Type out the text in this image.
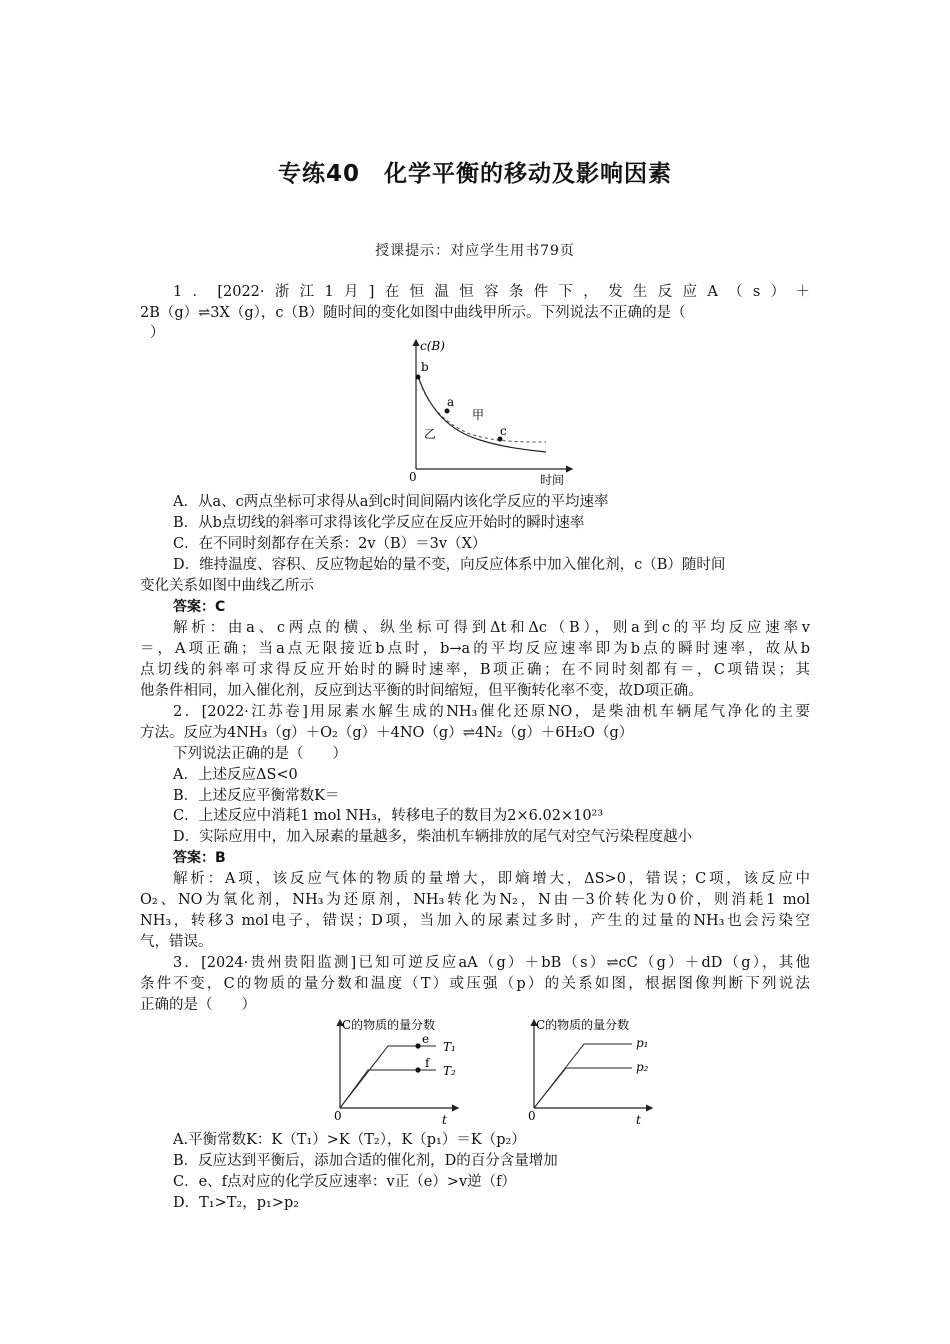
专练40　化学平衡的移动及影响因素
授课提示：对应学生用书79页
1．[2022·浙江1月]在恒温恒容条件下，发生反应A（s）＋
2B（g）⇌3X（g），c（B）随时间的变化如图中曲线甲所示。下列说法不正确的是（
）
c(B)
时间
0
b
a
c
甲
乙
A．从a、c两点坐标可求得从a到c时间间隔内该化学反应的平均速率
B．从b点切线的斜率可求得该化学反应在反应开始时的瞬时速率
C．在不同时刻都存在关系：2v（B）＝3v（X）
D．维持温度、容积、反应物起始的量不变，向反应体系中加入催化剂，c（B）随时间
变化关系如图中曲线乙所示
答案：C
解析：由a、c两点的横、纵坐标可得到Δt和Δc（B），则a到c的平均反应速率v
＝，A项正确；当a点无限接近b点时，b→a的平均反应速率即为b点的瞬时速率，故从b
点切线的斜率可求得反应开始时的瞬时速率，B项正确；在不同时刻都有＝，C项错误；其
他条件相同，加入催化剂，反应到达平衡的时间缩短，但平衡转化率不变，故D项正确。
2．[2022·江苏卷]用尿素水解生成的NH₃催化还原NO，是柴油机车辆尾气净化的主要
方法。反应为4NH₃（g）＋O₂（g）＋4NO（g）⇌4N₂（g）＋6H₂O（g）
下列说法正确的是（　　）
A．上述反应ΔS<0
B．上述反应平衡常数K＝
C．上述反应中消耗1 mol NH₃，转移电子的数目为2×6.02×10²³
D．实际应用中，加入尿素的量越多，柴油机车辆排放的尾气对空气污染程度越小
答案：B
解析：A项，该反应气体的物质的量增大，即熵增大，ΔS>0，错误；C项，该反应中
O₂、NO为氧化剂，NH₃为还原剂，NH₃转化为N₂，N由－3价转化为0价，则消耗1 mol
NH₃，转移3 mol电子，错误；D项，当加入的尿素过多时，产生的过量的NH₃也会污染空
气，错误。
3．[2024·贵州贵阳监测]已知可逆反应aA（g）＋bB（s）⇌cC（g）＋dD（g），其他
条件不变，C的物质的量分数和温度（T）或压强（p）的关系如图，根据图像判断下列说法
正确的是（　　）
C的物质的量分数
t
0
e
f
T₁
T₂
C的物质的量分数
t
0
p₁
p₂
A.平衡常数K：K（T₁）>K（T₂），K（p₁）＝K（p₂）
B．反应达到平衡后，添加合适的催化剂，D的百分含量增加
C．e、f点对应的化学反应速率：v正（e）>v逆（f）
D．T₁>T₂，p₁>p₂
